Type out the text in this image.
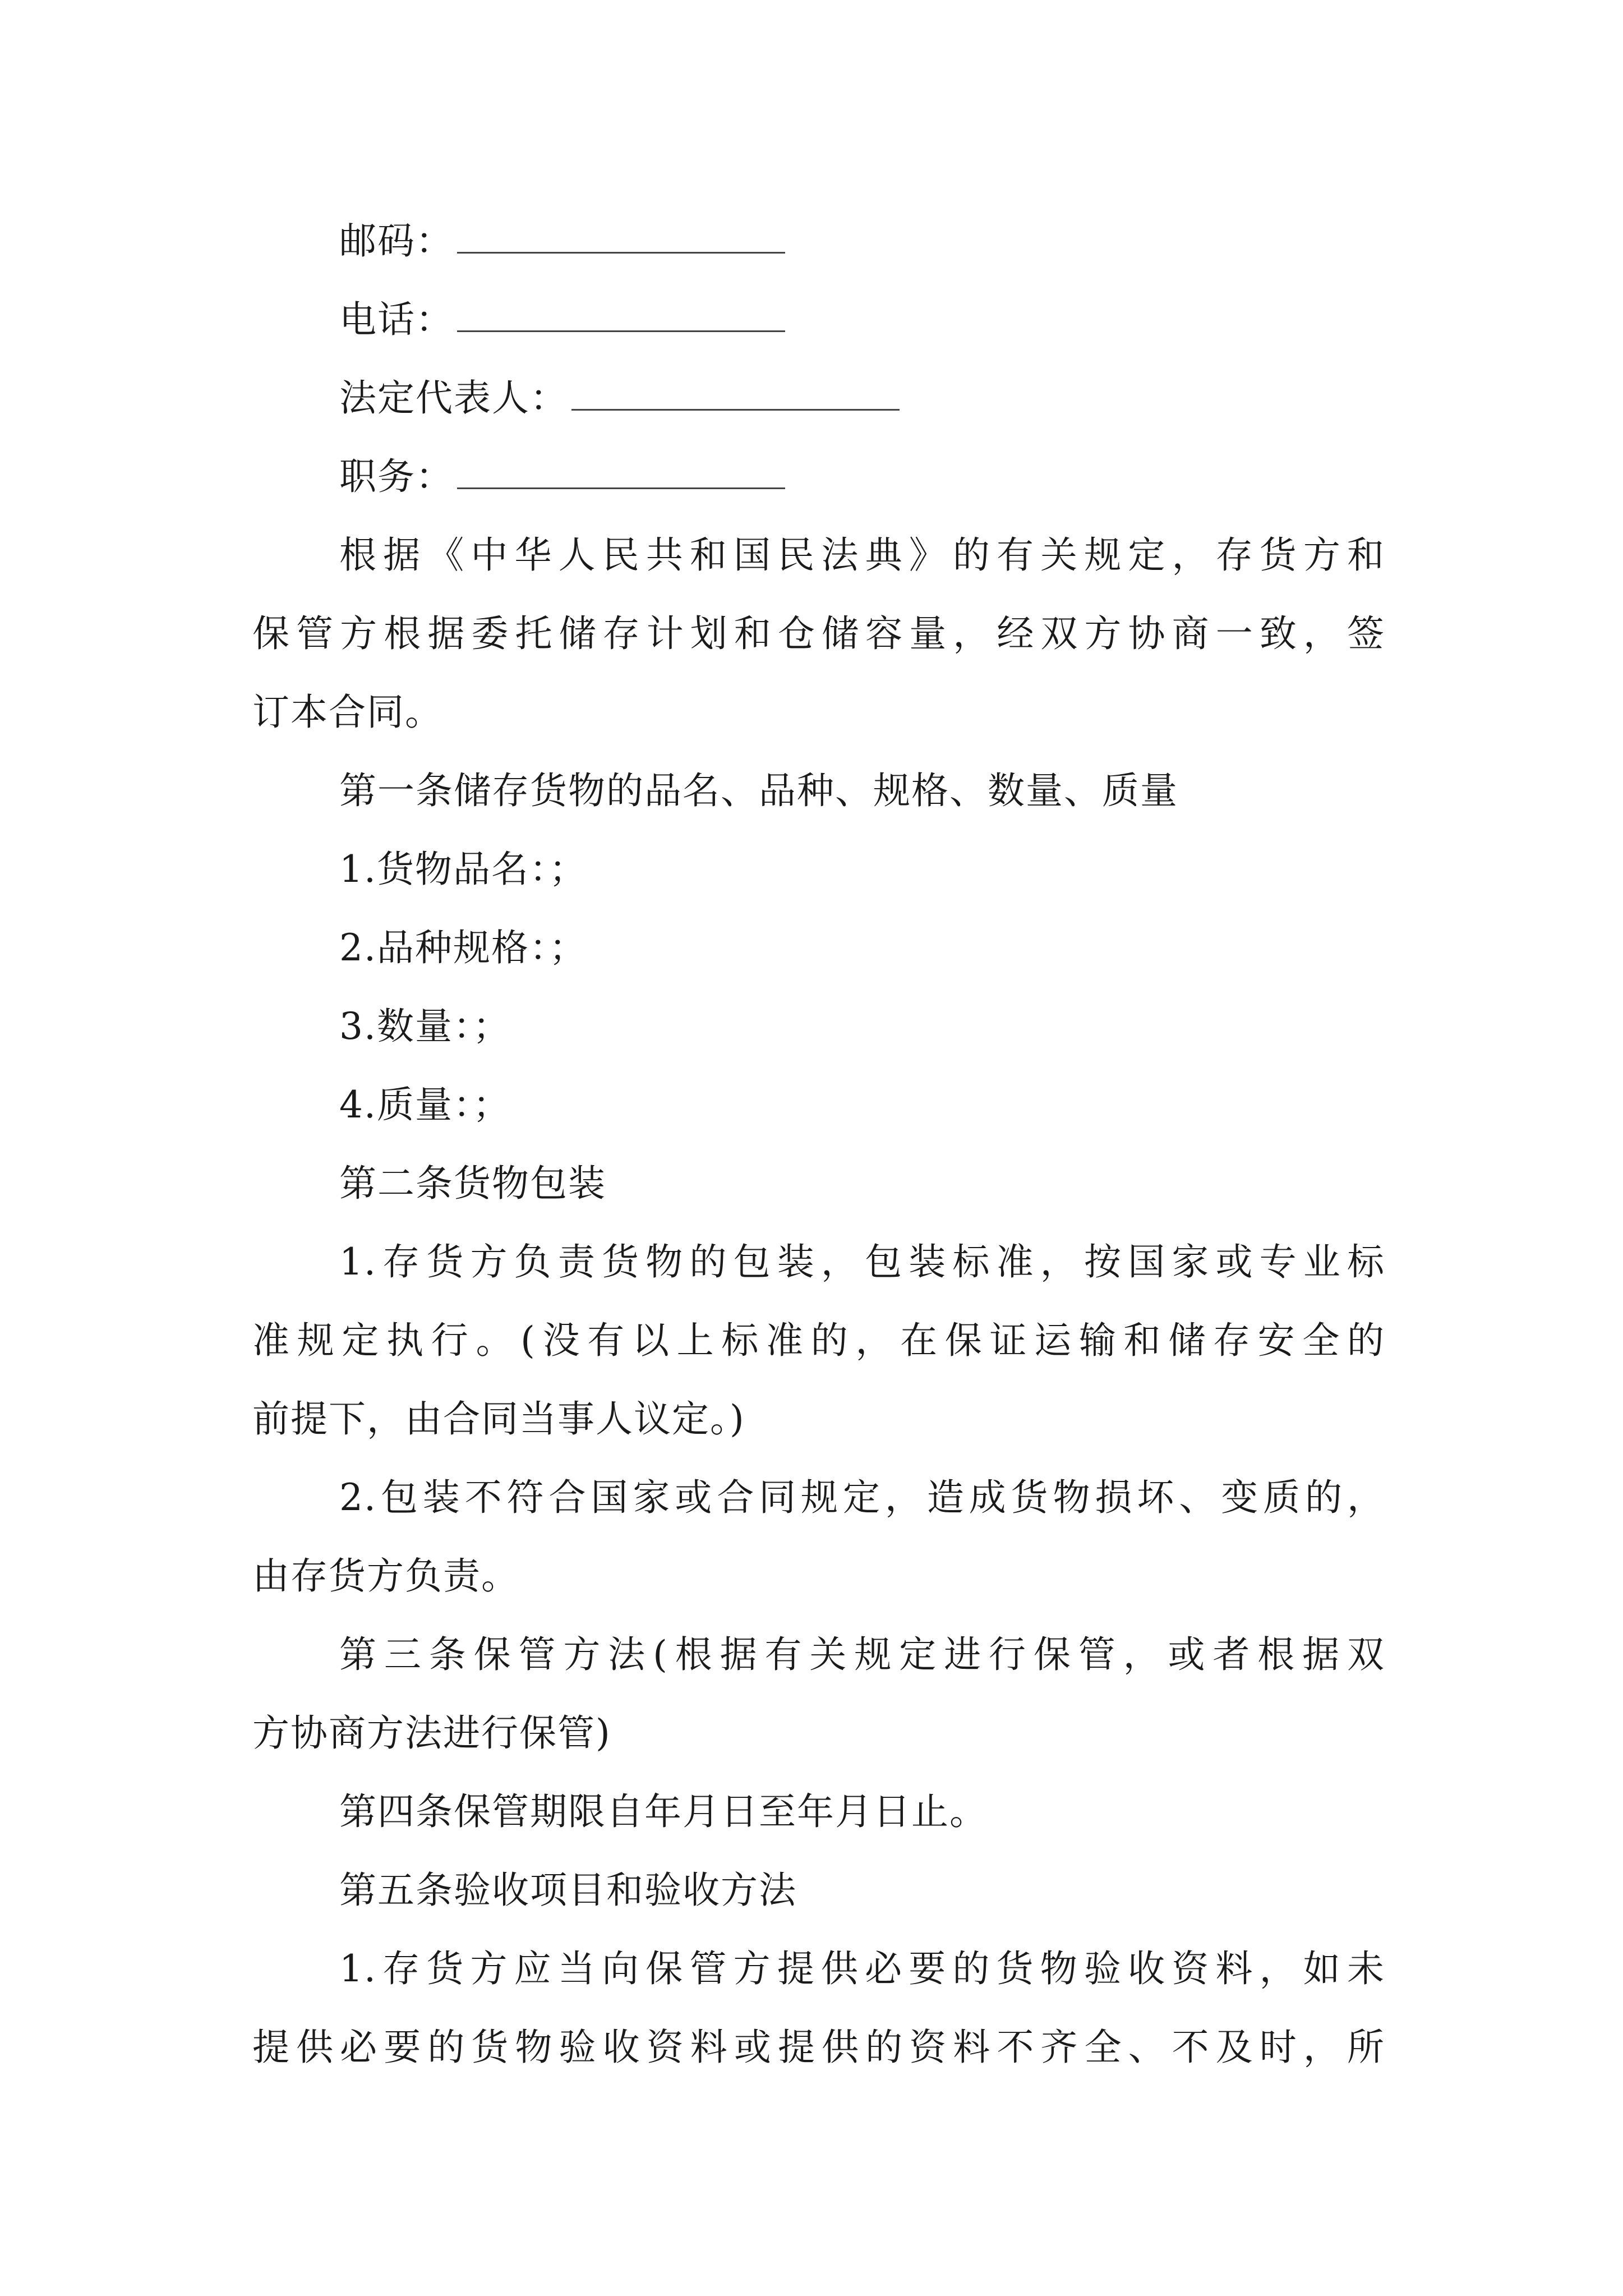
邮码：
电话：
法定代表人：
职务：
根据《中华人民共和国民法典》的有关规定，存货方和
保管方根据委托储存计划和仓储容量，经双方协商一致，签
订本合同。
第一条储存货物的品名、品种、规格、数量、质量
1.货物品名：；
2.品种规格：；
3.数量：；
4.质量：；
第二条货物包装
1.存货方负责货物的包装，包装标准，按国家或专业标
准规定执行。(没有以上标准的，在保证运输和储存安全的
前提下，由合同当事人议定。)
2.包装不符合国家或合同规定，造成货物损坏、变质的，
由存货方负责。
第三条保管方法(根据有关规定进行保管，或者根据双
方协商方法进行保管)
第四条保管期限自年月日至年月日止。
第五条验收项目和验收方法
1.存货方应当向保管方提供必要的货物验收资料，如未
提供必要的货物验收资料或提供的资料不齐全、不及时，所
